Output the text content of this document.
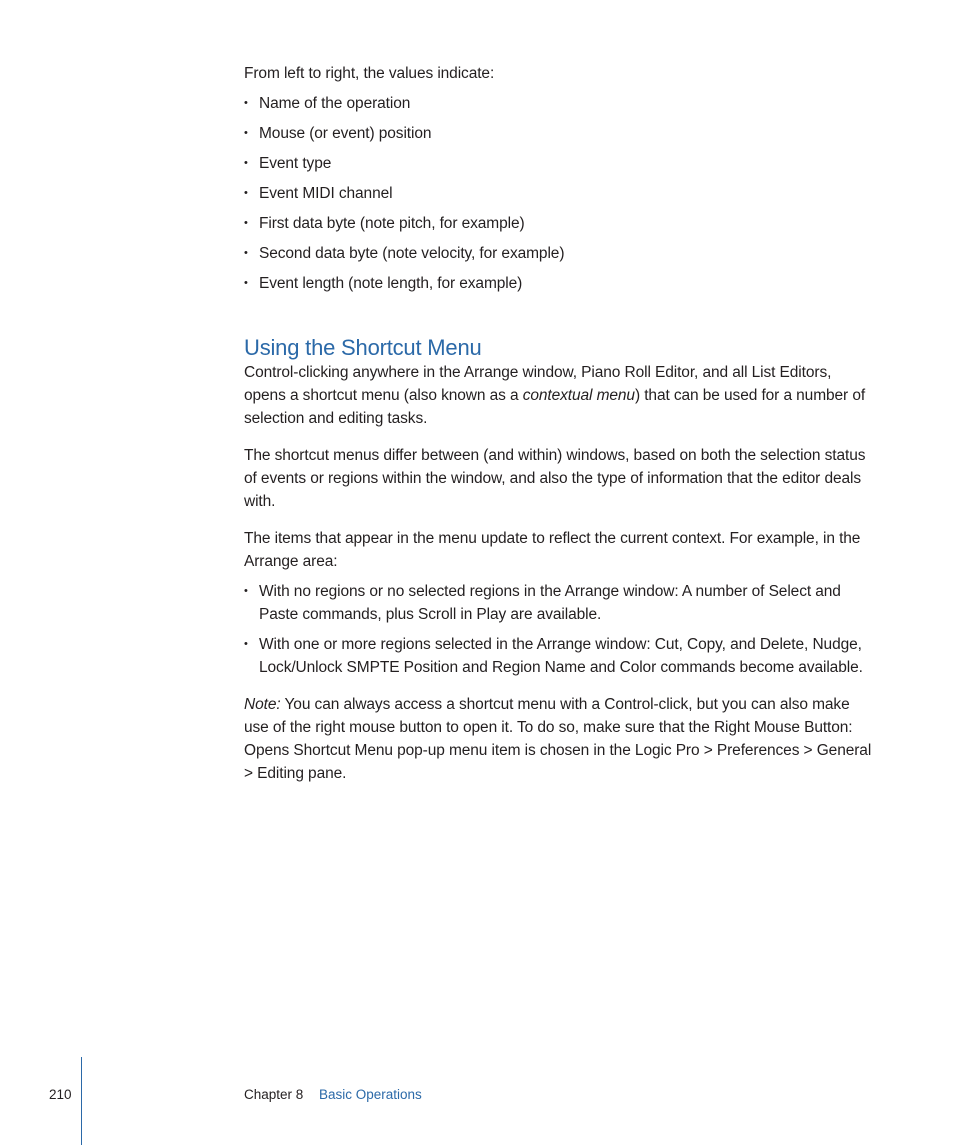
From left to right, the values indicate:

• Name of the operation
• Mouse (or event) position
• Event type
• Event MIDI channel
• First data byte (note pitch, for example)
• Second data byte (note velocity, for example)
• Event length (note length, for example)
Using the Shortcut Menu

Control-clicking anywhere in the Arrange window, Piano Roll Editor, and all List Editors, opens a shortcut menu (also known as a contextual menu) that can be used for a number of selection and editing tasks.

The shortcut menus differ between (and within) windows, based on both the selection status of events or regions within the window, and also the type of information that the editor deals with.

The items that appear in the menu update to reflect the current context. For example, in the Arrange area:

• With no regions or no selected regions in the Arrange window: A number of Select and Paste commands, plus Scroll in Play are available.
• With one or more regions selected in the Arrange window: Cut, Copy, and Delete, Nudge, Lock/Unlock SMPTE Position and Region Name and Color commands become available.

Note: You can always access a shortcut menu with a Control-click, but you can also make use of the right mouse button to open it. To do so, make sure that the Right Mouse Button: Opens Shortcut Menu pop-up menu item is chosen in the Logic Pro > Preferences > General > Editing pane.

210	Chapter 8 Basic Operations
